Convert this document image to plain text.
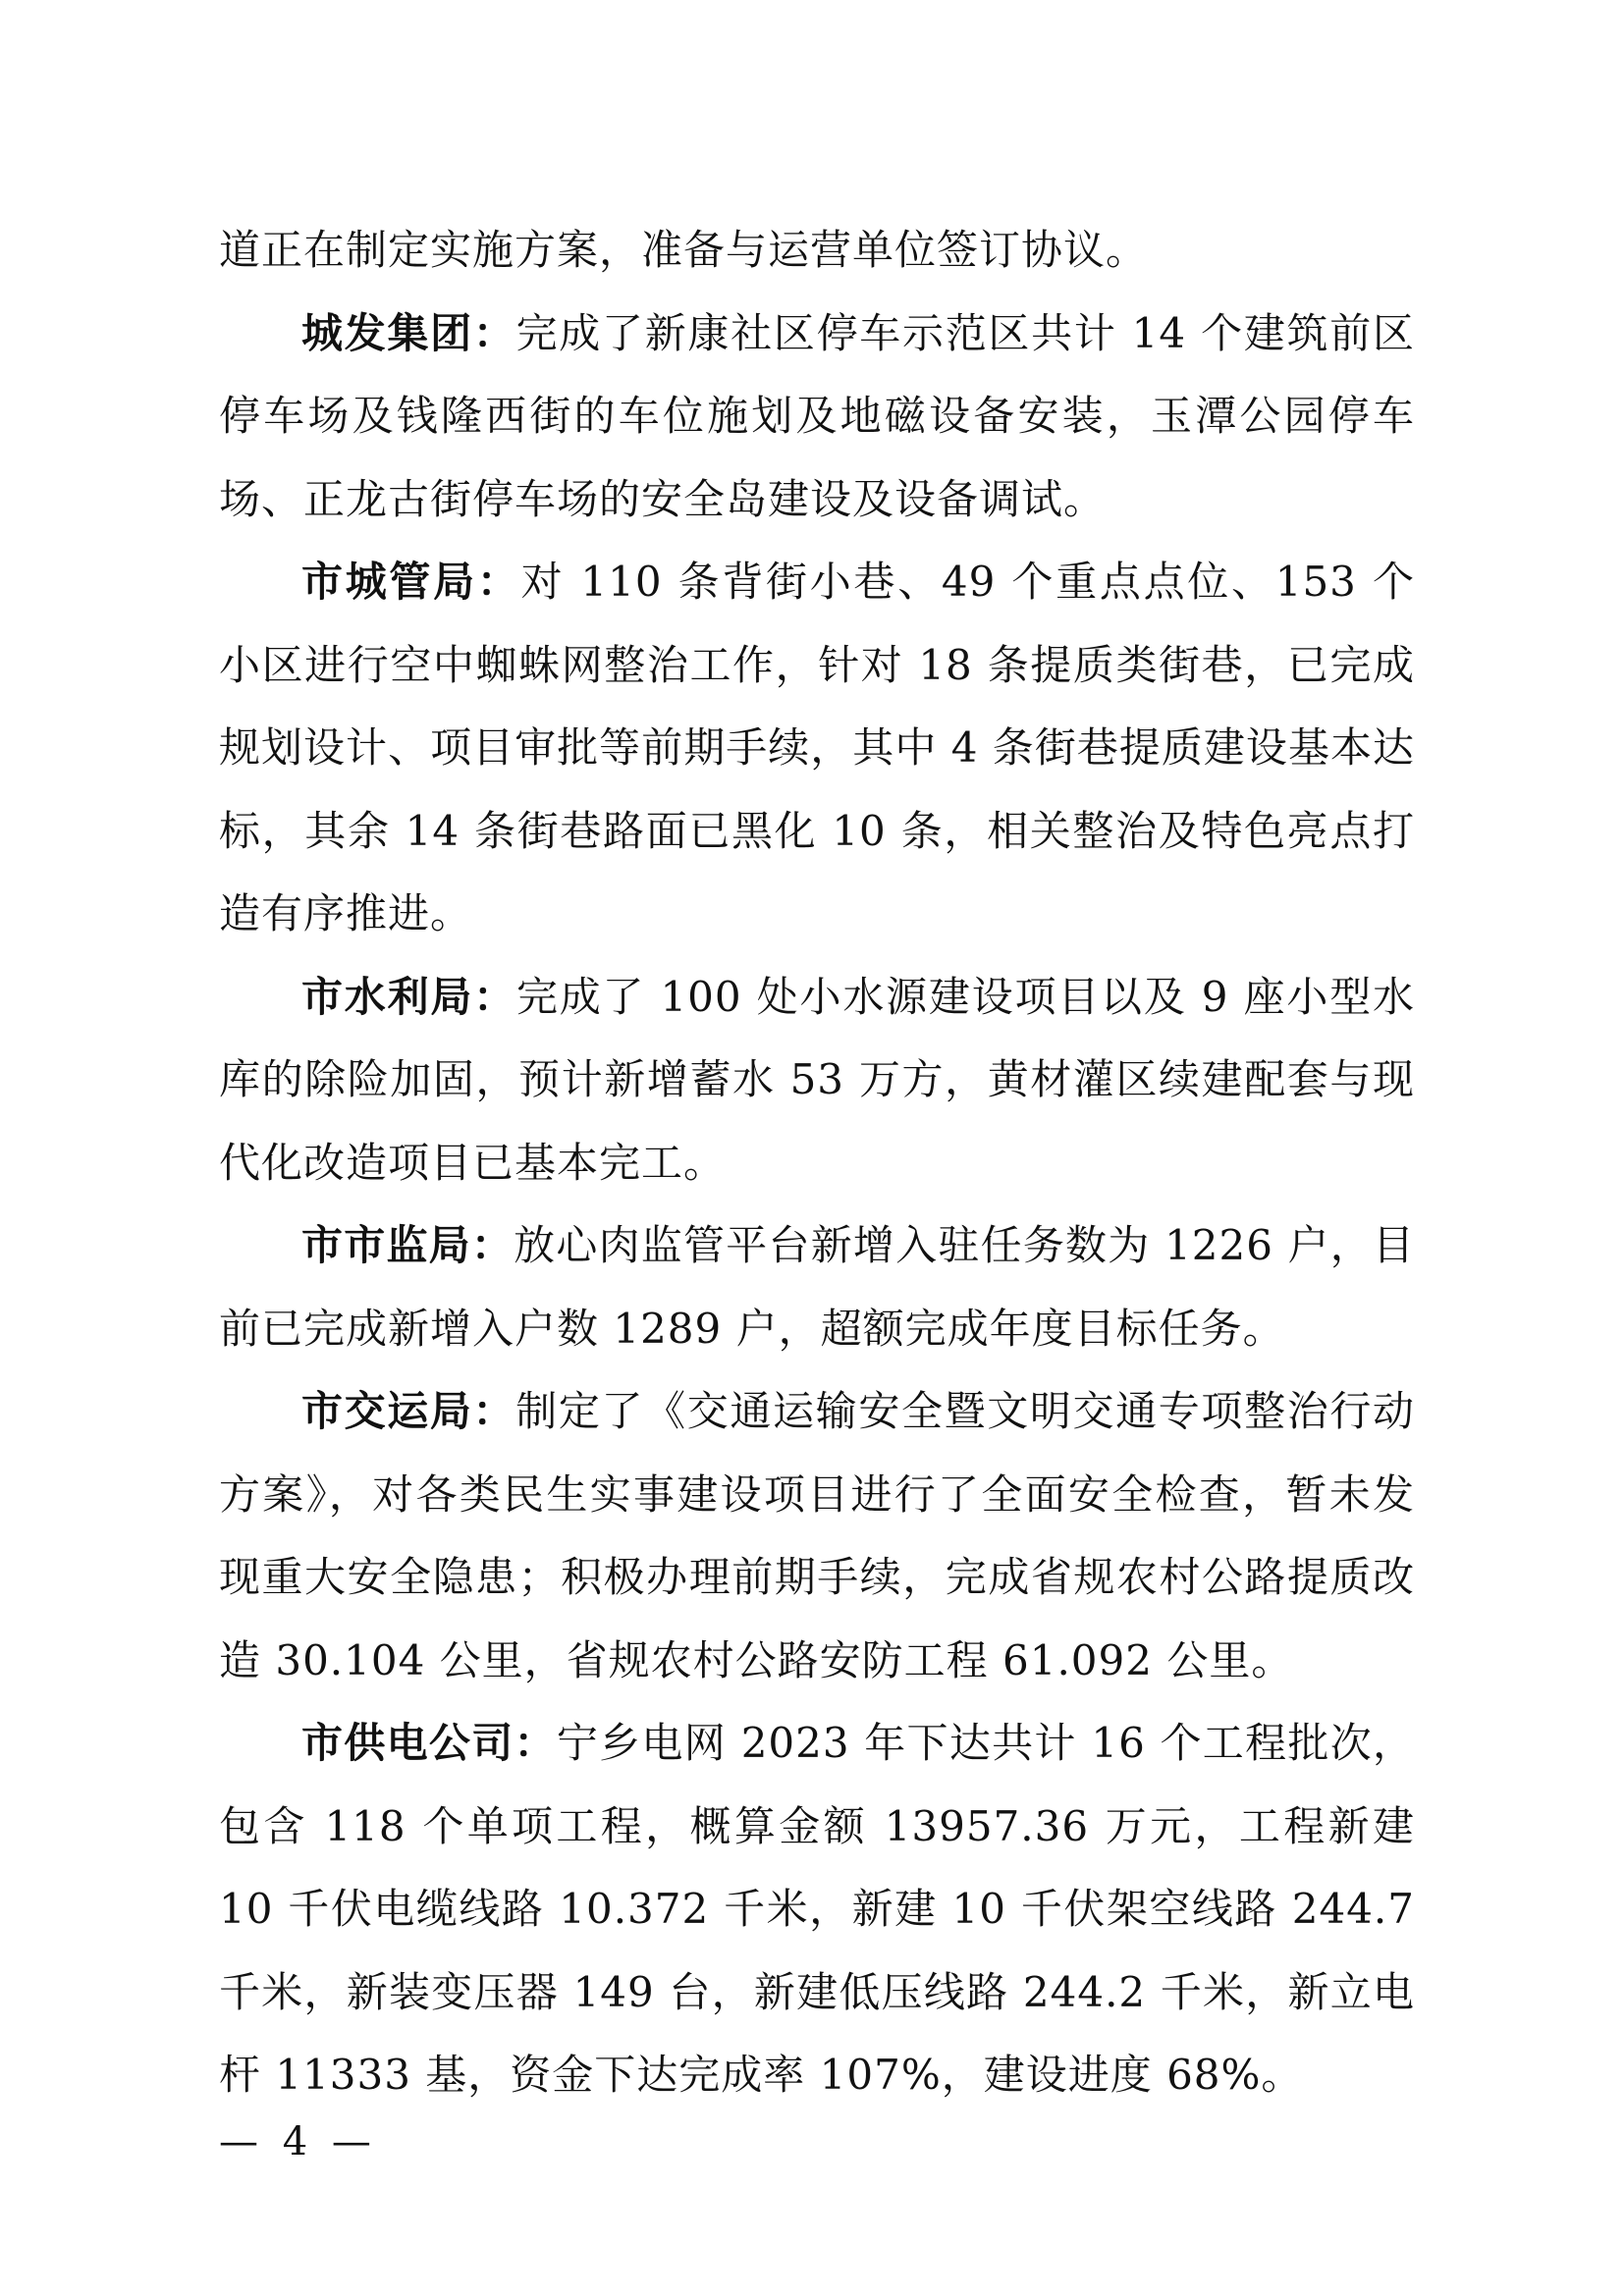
道正在制定实施方案，准备与运营单位签订协议。

城发集团：完成了新康社区停车示范区共计 14 个建筑前区停车场及钱隆西街的车位施划及地磁设备安装，玉潭公园停车场、正龙古街停车场的安全岛建设及设备调试。

市城管局：对 110 条背街小巷、49 个重点点位、153 个小区进行空中蜘蛛网整治工作，针对 18 条提质类街巷，已完成规划设计、项目审批等前期手续，其中 4 条街巷提质建设基本达标，其余 14 条街巷路面已黑化 10 条，相关整治及特色亮点打造有序推进。

市水利局：完成了 100 处小水源建设项目以及 9 座小型水库的除险加固，预计新增蓄水 53 万方，黄材灌区续建配套与现代化改造项目已基本完工。

市市监局：放心肉监管平台新增入驻任务数为 1226 户，目前已完成新增入户数 1289 户，超额完成年度目标任务。

市交运局：制定了《交通运输安全暨文明交通专项整治行动方案》，对各类民生实事建设项目进行了全面安全检查，暂未发现重大安全隐患；积极办理前期手续，完成省规农村公路提质改造 30.104 公里，省规农村公路安防工程 61.092 公里。

市供电公司：宁乡电网 2023 年下达共计 16 个工程批次，包含 118 个单项工程，概算金额 13957.36 万元，工程新建 10 千伏电缆线路 10.372 千米，新建 10 千伏架空线路 244.7 千米，新装变压器 149 台，新建低压线路 244.2 千米，新立电杆 11333 基，资金下达完成率 107%，建设进度 68%。

— 4 —
